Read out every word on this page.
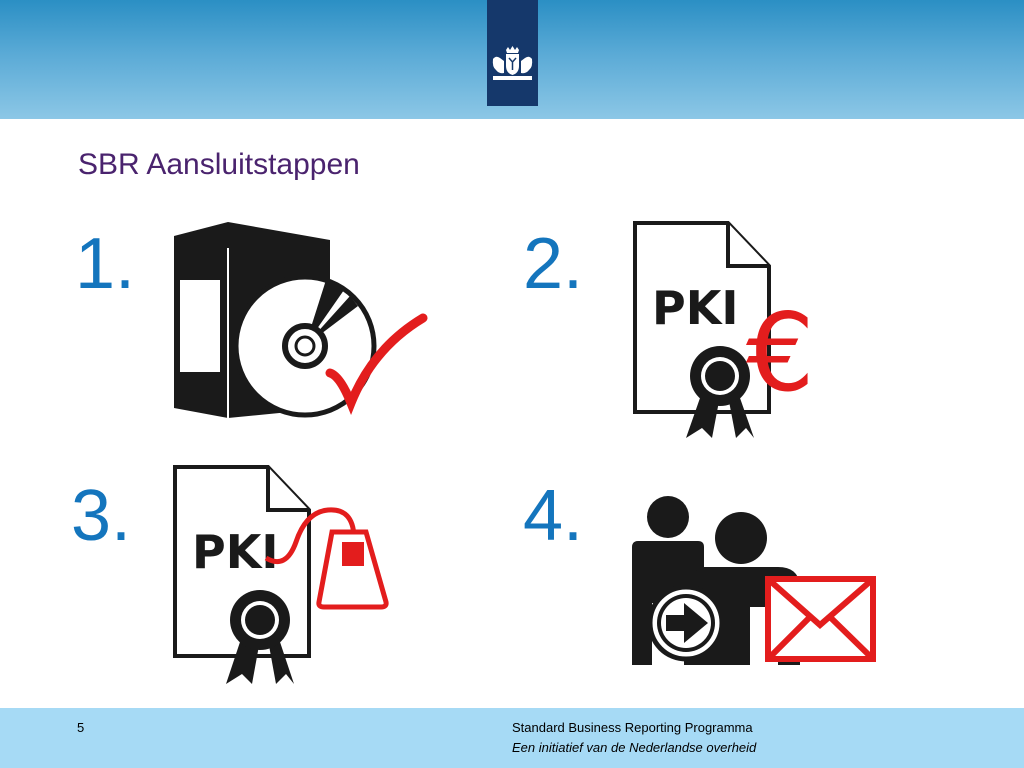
SBR Aansluitstappen
1.	2.
3.	4.
PKI €
PKI
5	Standard Business Reporting Programma
Een initiatief van de Nederlandse overheid
